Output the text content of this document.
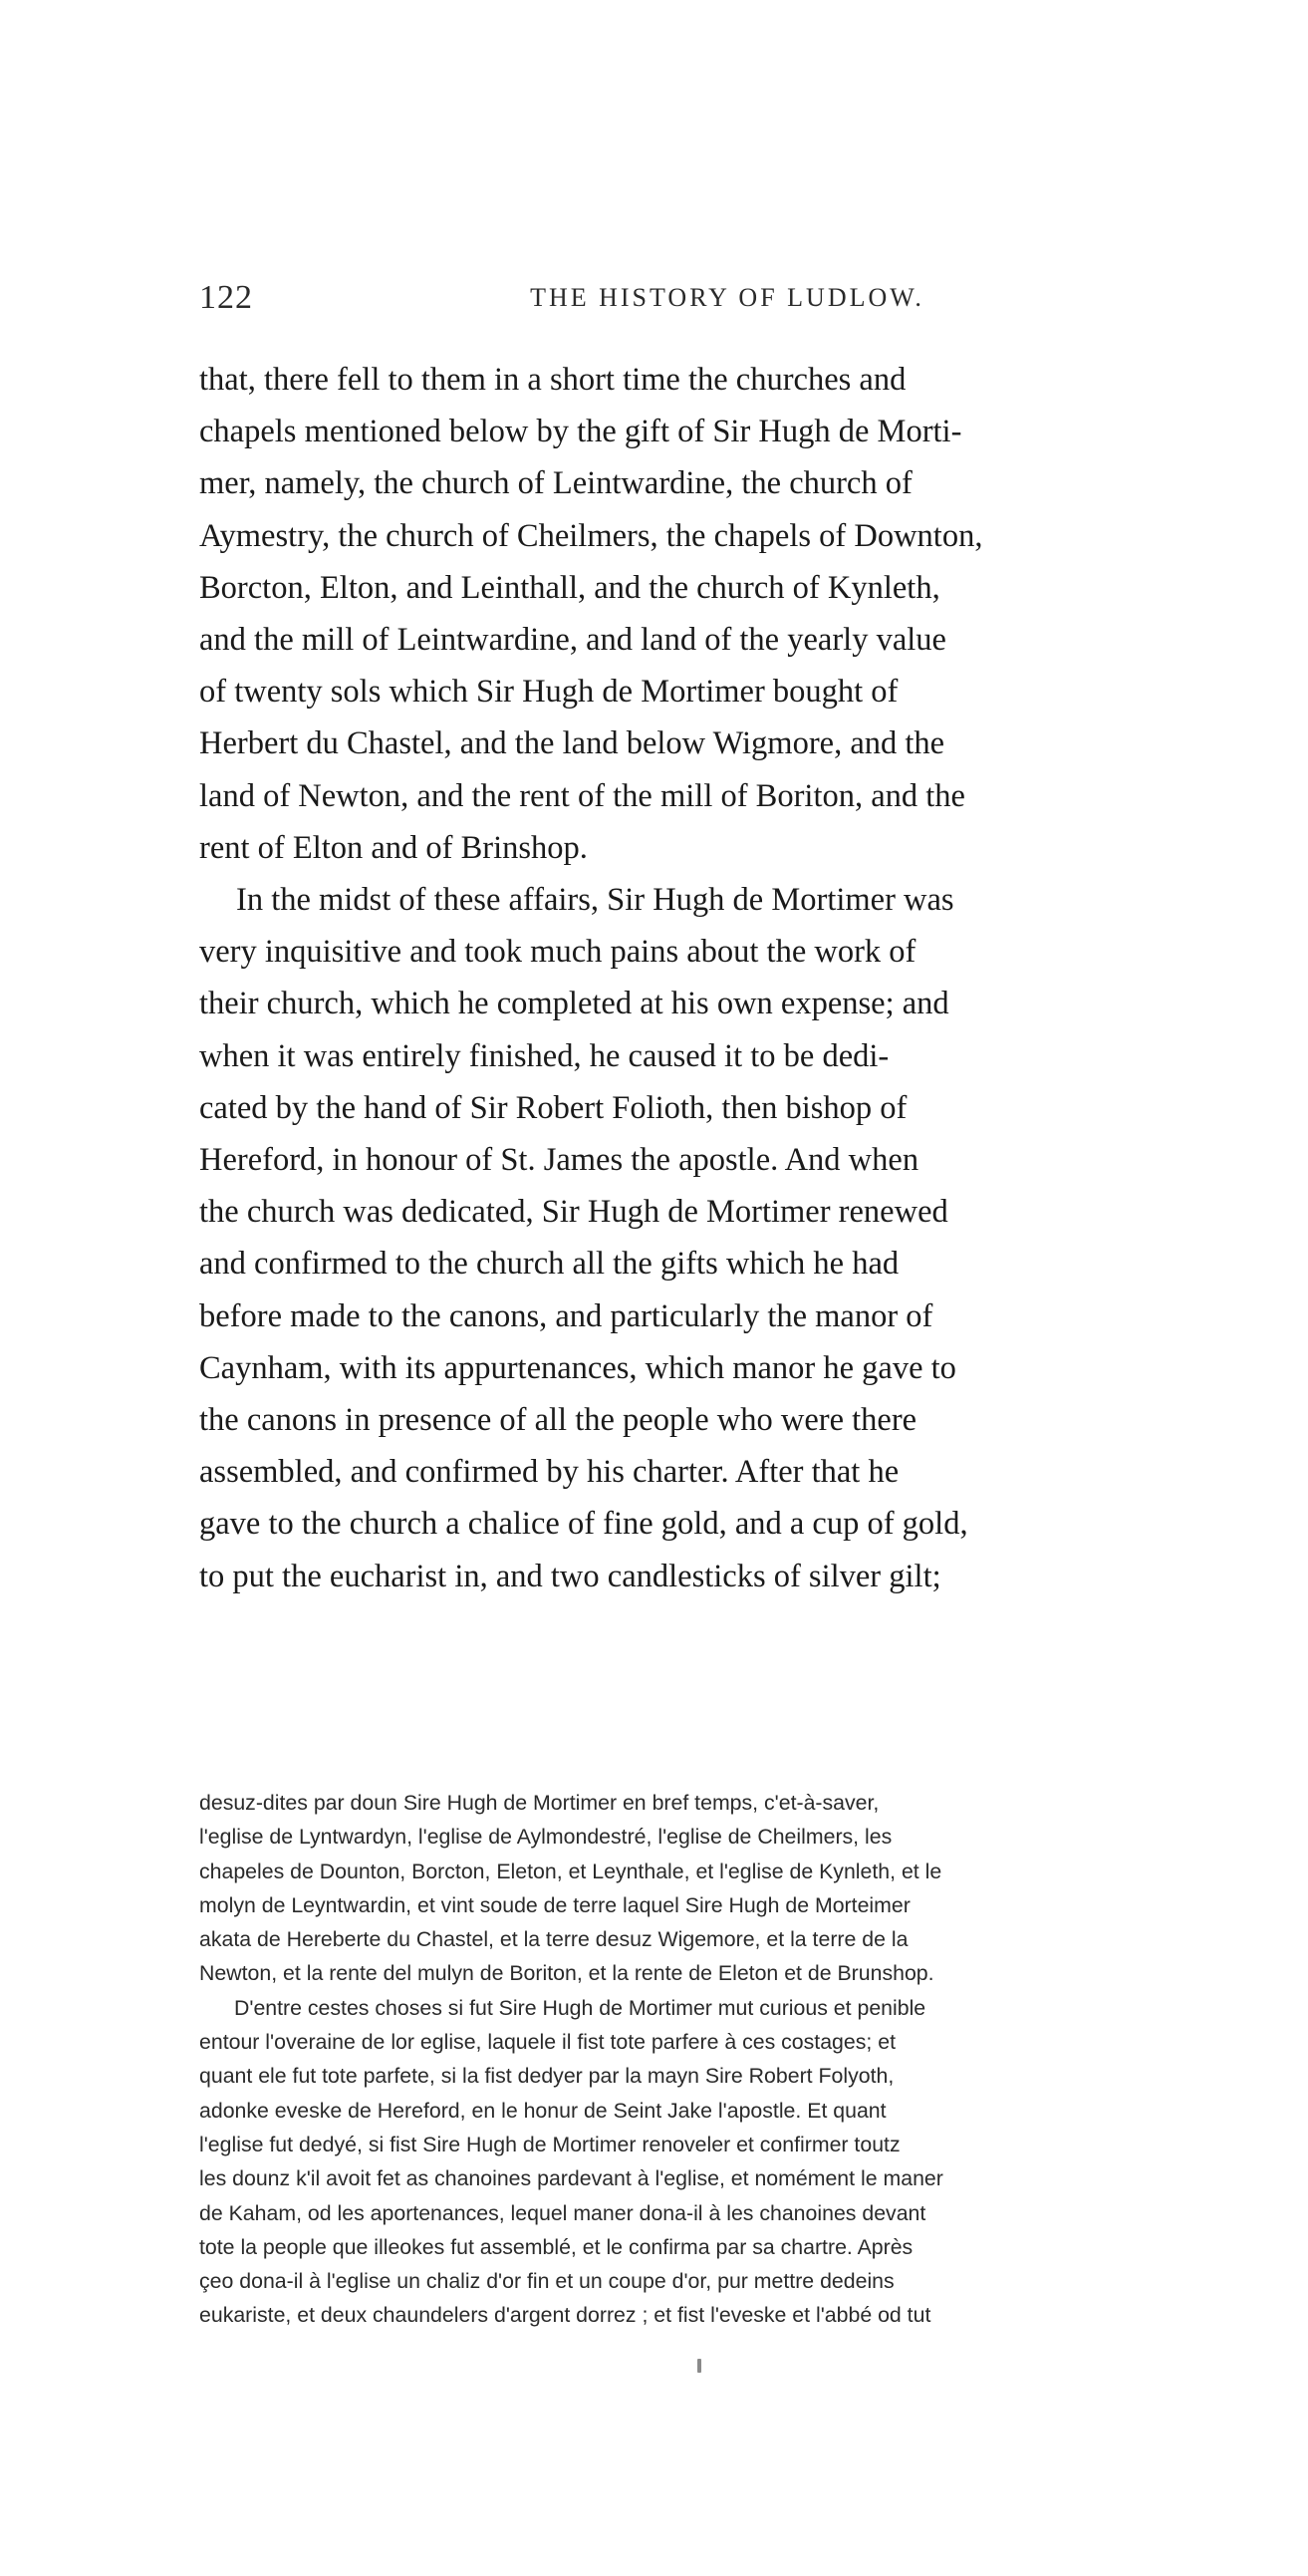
122	THE HISTORY OF LUDLOW.
that, there fell to them in a short time the churches and
chapels mentioned below by the gift of Sir Hugh de Morti-
mer, namely, the church of Leintwardine, the church of
Aymestry, the church of Cheilmers, the chapels of Downton,
Borcton, Elton, and Leinthall, and the church of Kynleth,
and the mill of Leintwardine, and land of the yearly value
of twenty sols which Sir Hugh de Mortimer bought of
Herbert du Chastel, and the land below Wigmore, and the
land of Newton, and the rent of the mill of Boriton, and the
rent of Elton and of Brinshop.
In the midst of these affairs, Sir Hugh de Mortimer was
very inquisitive and took much pains about the work of
their church, which he completed at his own expense; and
when it was entirely finished, he caused it to be dedi-
cated by the hand of Sir Robert Folioth, then bishop of
Hereford, in honour of St. James the apostle. And when
the church was dedicated, Sir Hugh de Mortimer renewed
and confirmed to the church all the gifts which he had
before made to the canons, and particularly the manor of
Caynham, with its appurtenances, which manor he gave to
the canons in presence of all the people who were there
assembled, and confirmed by his charter. After that he
gave to the church a chalice of fine gold, and a cup of gold,
to put the eucharist in, and two candlesticks of silver gilt;
desuz-dites par doun Sire Hugh de Mortimer en bref temps, c'et-à-saver,
l'eglise de Lyntwardyn, l'eglise de Aylmondestré, l'eglise de Cheilmers, les
chapeles de Dounton, Borcton, Eleton, et Leynthale, et l'eglise de Kynleth, et le
molyn de Leyntwardin, et vint soude de terre laquel Sire Hugh de Morteimer
akata de Hereberte du Chastel, et la terre desuz Wigemore, et la terre de la
Newton, et la rente del mulyn de Boriton, et la rente de Eleton et de Brunshop.
D'entre cestes choses si fut Sire Hugh de Mortimer mut curious et penible
entour l'overaine de lor eglise, laquele il fist tote parfere à ces costages; et
quant ele fut tote parfete, si la fist dedyer par la mayn Sire Robert Folyoth,
adonke eveske de Hereford, en le honur de Seint Jake l'apostle. Et quant
l'eglise fut dedyé, si fist Sire Hugh de Mortimer renoveler et confirmer toutz
les dounz k'il avoit fet as chanoines pardevant à l'eglise, et nomément le maner
de Kaham, od les aportenances, lequel maner dona-il à les chanoines devant
tote la people que illeokes fut assemblé, et le confirma par sa chartre. Après
çeo dona-il à l'eglise un chaliz d'or fin et un coupe d'or, pur mettre dedeins
eukariste, et deux chaundelers d'argent dorrez ; et fist l'eveske et l'abbé od tut
